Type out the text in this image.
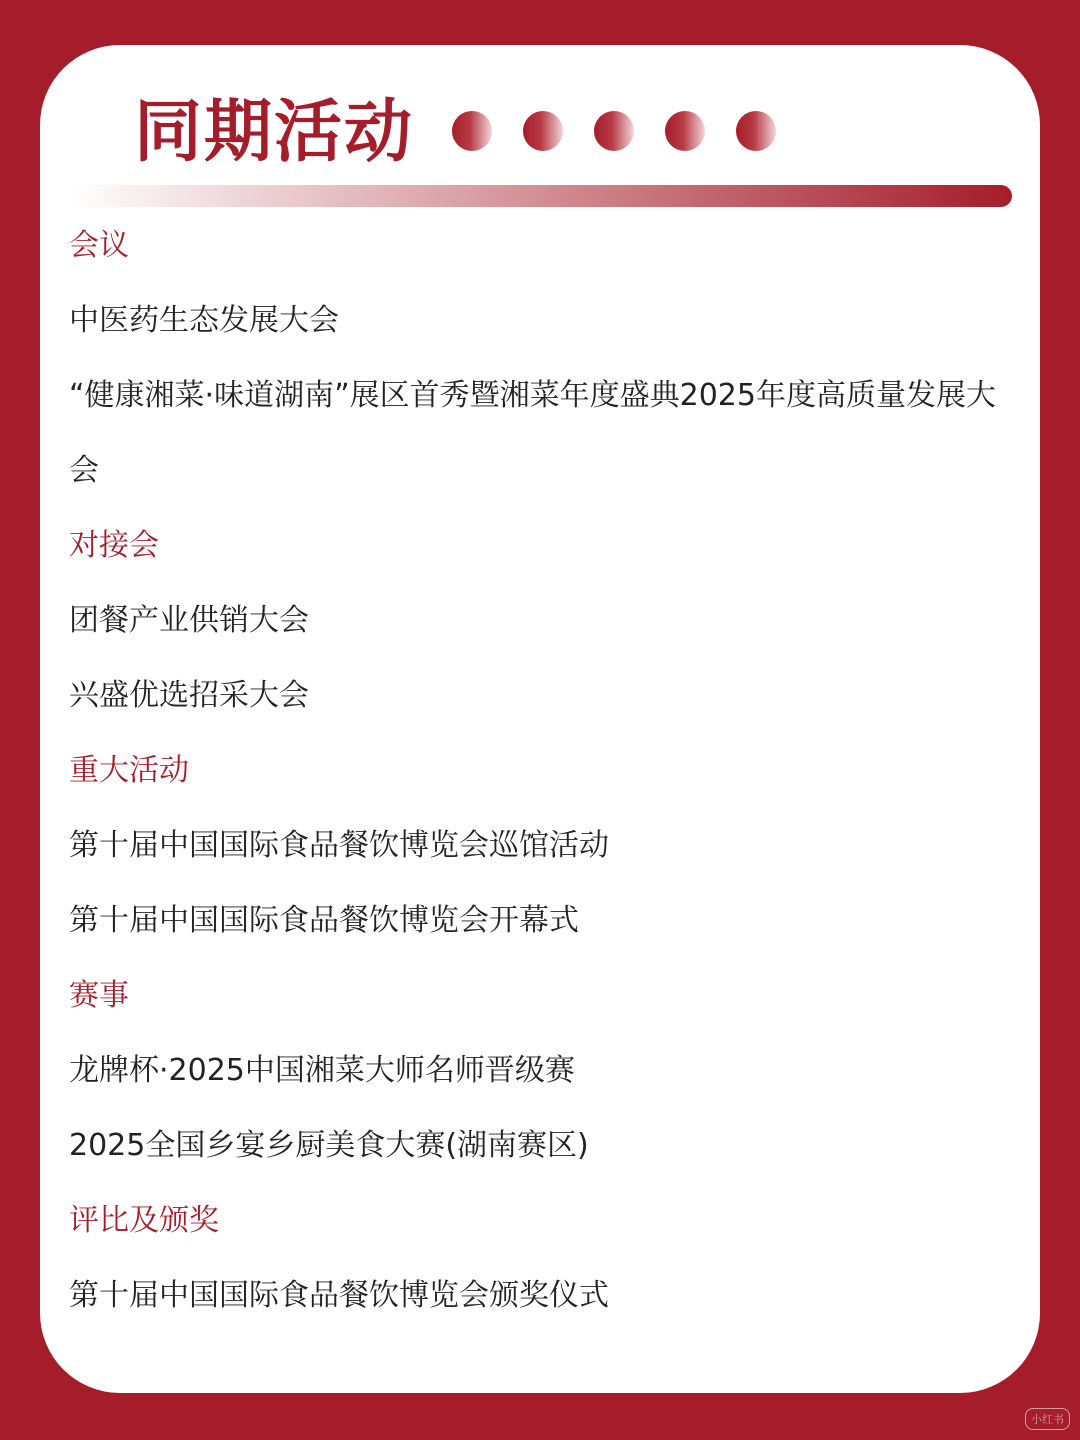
同期活动
会议
中医药生态发展大会
“健康湘菜·味道湖南”展区首秀暨湘菜年度盛典2025年度高质量发展大会
对接会
团餐产业供销大会
兴盛优选招采大会
重大活动
第十届中国国际食品餐饮博览会巡馆活动
第十届中国国际食品餐饮博览会开幕式
赛事
龙牌杯·2025中国湘菜大师名师晋级赛
2025全国乡宴乡厨美食大赛(湖南赛区)
评比及颁奖
第十届中国国际食品餐饮博览会颁奖仪式
小红书
